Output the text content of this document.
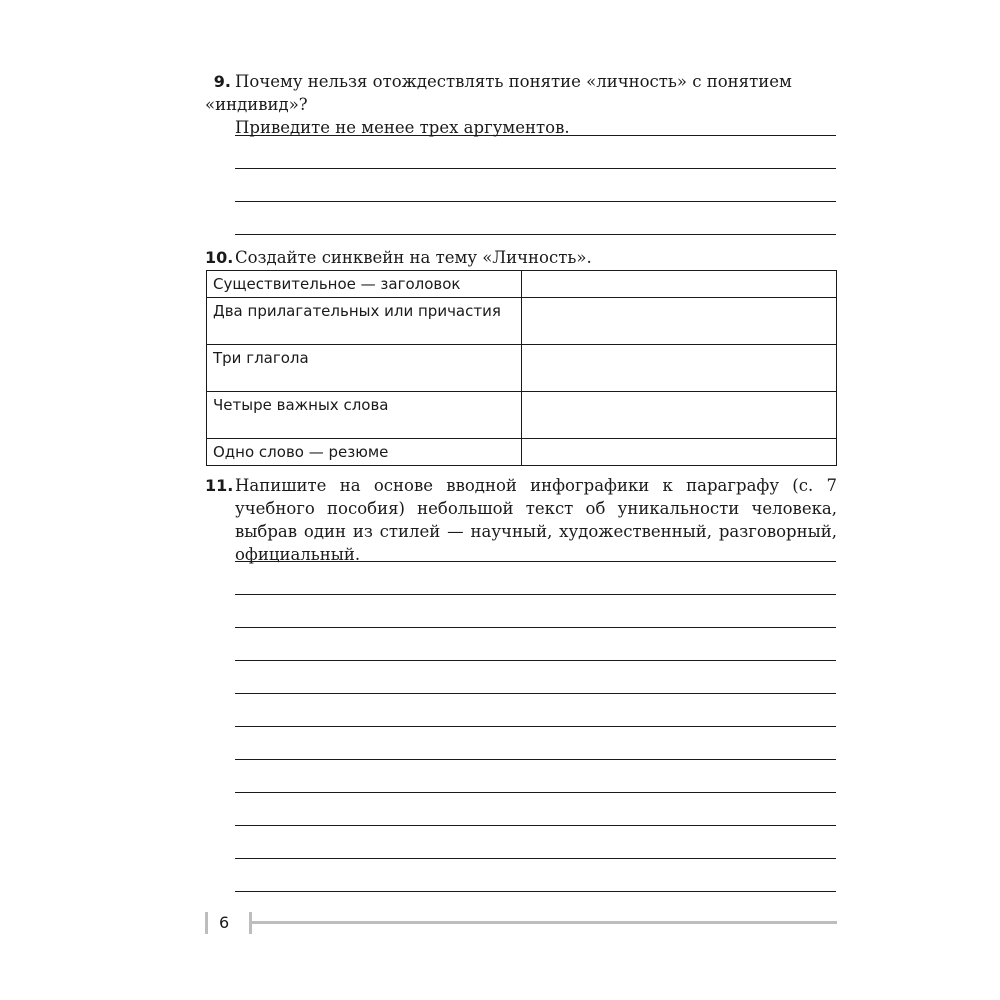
9. Почему нельзя отождествлять понятие «личность» с понятием «индивид»?
Приведите не менее трех аргументов.
10. Создайте синквейн на тему «Личность».
Существительное — заголовок	
Два прилагательных или причастия	
Три глагола	
Четыре важных слова	
Одно слово — резюме	
11. Напишите на основе вводной инфографики к параграфу (с. 7 учебного пособия) небольшой текст об уникальности человека, выбрав один из стилей — научный, художественный, разговорный, официальный.
6
